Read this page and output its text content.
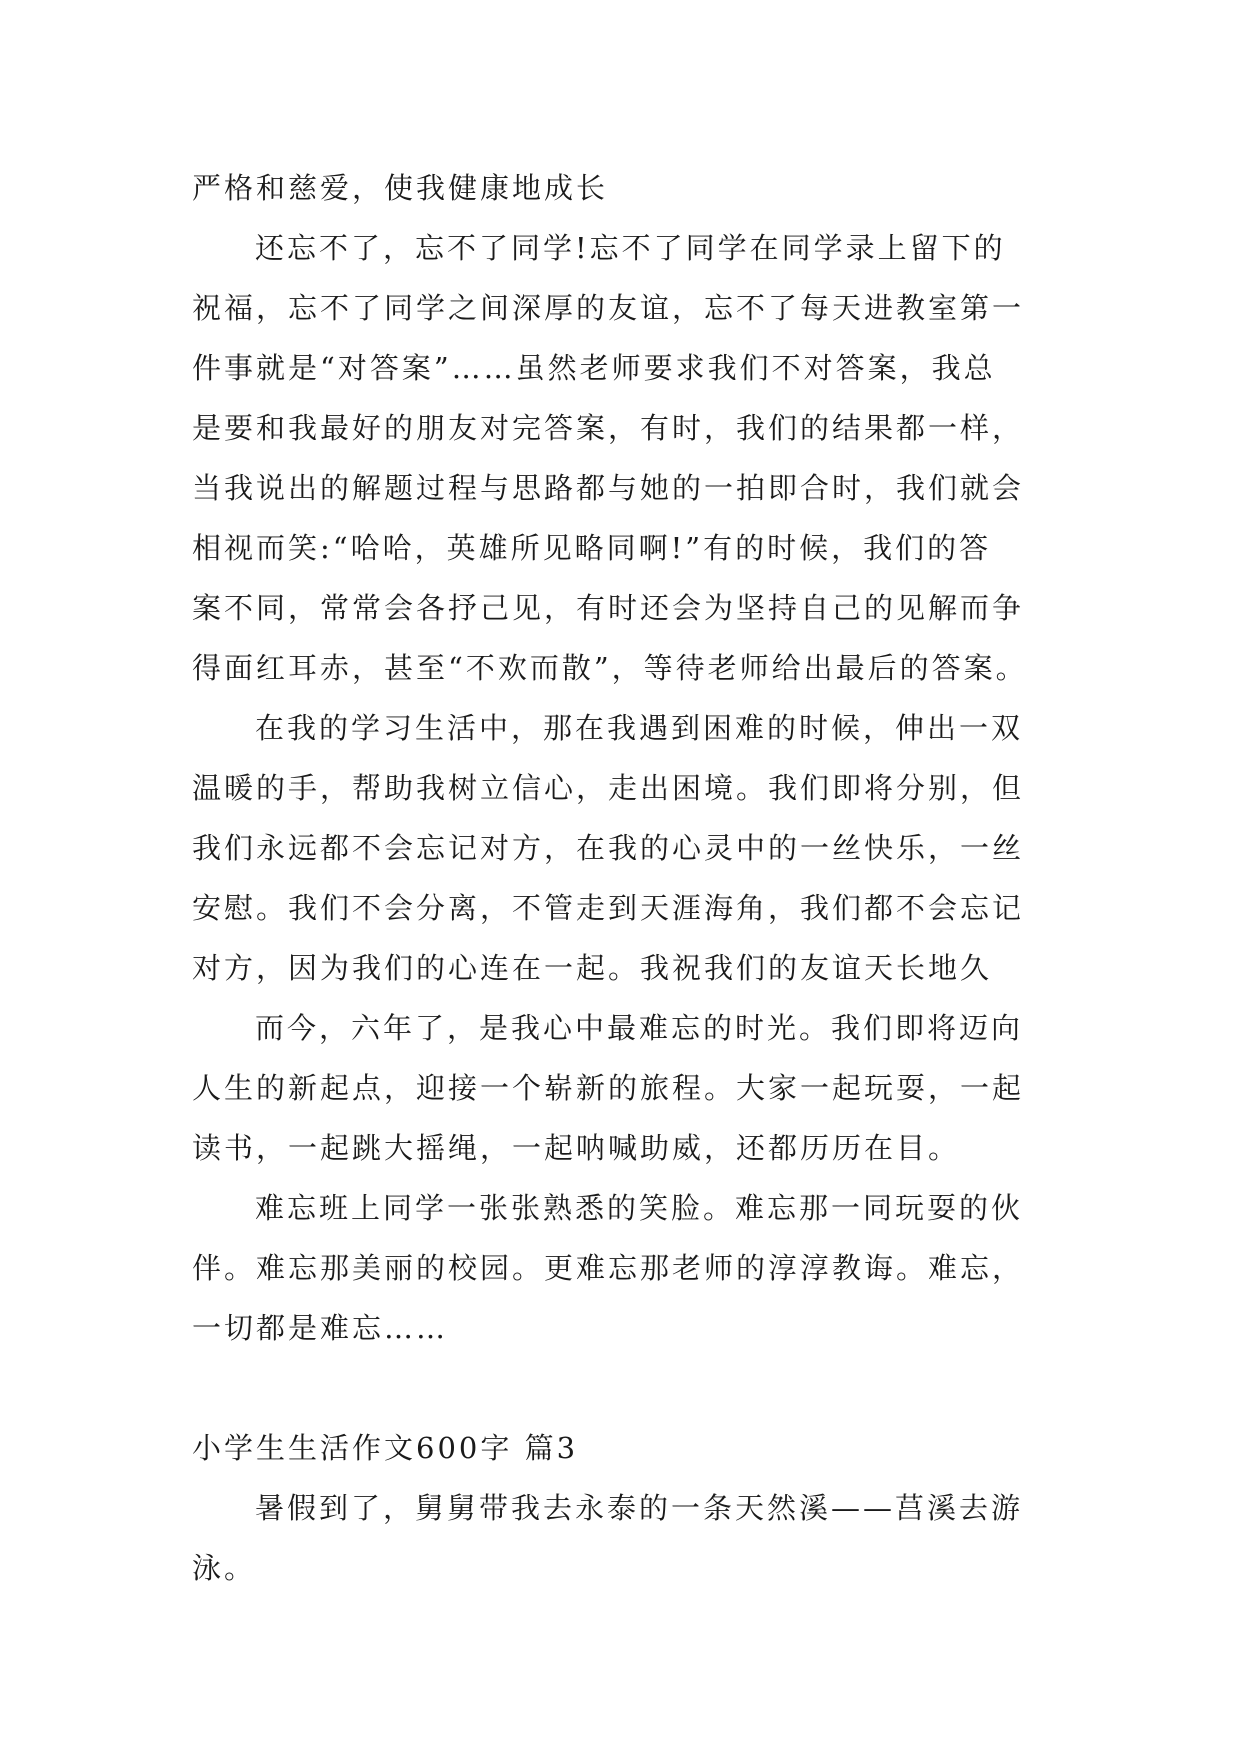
严格和慈爱，使我健康地成长
还忘不了，忘不了同学!忘不了同学在同学录上留下的
祝福，忘不了同学之间深厚的友谊，忘不了每天进教室第一
件事就是“对答案”……虽然老师要求我们不对答案，我总
是要和我最好的朋友对完答案，有时，我们的结果都一样，
当我说出的解题过程与思路都与她的一拍即合时，我们就会
相视而笑:“哈哈，英雄所见略同啊!”有的时候，我们的答
案不同，常常会各抒己见，有时还会为坚持自己的见解而争
得面红耳赤，甚至“不欢而散”，等待老师给出最后的答案。
在我的学习生活中，那在我遇到困难的时候，伸出一双
温暖的手，帮助我树立信心，走出困境。我们即将分别，但
我们永远都不会忘记对方，在我的心灵中的一丝快乐，一丝
安慰。我们不会分离，不管走到天涯海角，我们都不会忘记
对方，因为我们的心连在一起。我祝我们的友谊天长地久
而今，六年了，是我心中最难忘的时光。我们即将迈向
人生的新起点，迎接一个崭新的旅程。大家一起玩耍，一起
读书，一起跳大摇绳，一起呐喊助威，还都历历在目。
难忘班上同学一张张熟悉的笑脸。难忘那一同玩耍的伙
伴。难忘那美丽的校园。更难忘那老师的淳淳教诲。难忘，
一切都是难忘……
小学生生活作文600字 篇3
暑假到了，舅舅带我去永泰的一条天然溪——莒溪去游
泳。
